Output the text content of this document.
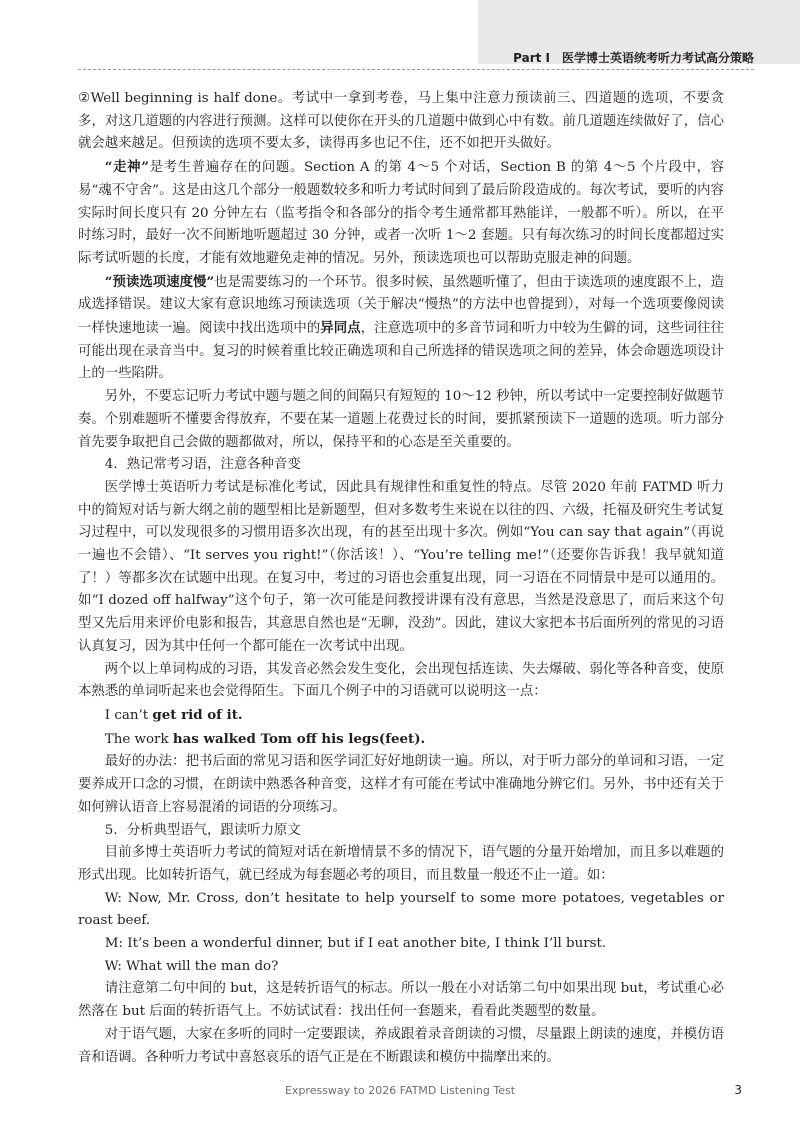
Part Ⅰ　医学博士英语统考听力考试高分策略

②Well beginning is half done。考试中一拿到考卷，马上集中注意力预读前三、四道题的选项，不要贪多，对这几道题的内容进行预测。这样可以使你在开头的几道题中做到心中有数。前几道题连续做好了，信心就会越来越足。但预读的选项不要太多，读得再多也记不住，还不如把开头做好。

“走神”是考生普遍存在的问题。Section A 的第 4～5 个对话，Section B 的第 4～5 个片段中，容易“魂不守舍”。这是由这几个部分一般题数较多和听力考试时间到了最后阶段造成的。每次考试，要听的内容实际时间长度只有 20 分钟左右（监考指令和各部分的指令考生通常都耳熟能详，一般都不听）。所以，在平时练习时，最好一次不间断地听题超过 30 分钟，或者一次听 1～2 套题。只有每次练习的时间长度都超过实际考试听题的长度，才能有效地避免走神的情况。另外，预读选项也可以帮助克服走神的问题。

“预读选项速度慢”也是需要练习的一个环节。很多时候，虽然题听懂了，但由于读选项的速度跟不上，造成选择错误。建议大家有意识地练习预读选项（关于解决“慢热”的方法中也曾提到），对每一个选项要像阅读一样快速地读一遍。阅读中找出选项中的异同点，注意选项中的多音节词和听力中较为生僻的词，这些词往往可能出现在录音当中。复习的时候着重比较正确选项和自己所选择的错误选项之间的差异，体会命题选项设计上的一些陷阱。

另外，不要忘记听力考试中题与题之间的间隔只有短短的 10～12 秒钟，所以考试中一定要控制好做题节奏。个别难题听不懂要舍得放弃，不要在某一道题上花费过长的时间，要抓紧预读下一道题的选项。听力部分首先要争取把自己会做的题都做对，所以，保持平和的心态是至关重要的。

4．熟记常考习语，注意各种音变

医学博士英语听力考试是标准化考试，因此具有规律性和重复性的特点。尽管 2020 年前 FATMD 听力中的简短对话与新大纲之前的题型相比是新题型，但对多数考生来说在以往的四、六级，托福及研究生考试复习过程中，可以发现很多的习惯用语多次出现，有的甚至出现十多次。例如“You can say that again”（再说一遍也不会错）、“It serves you right!”（你活该！）、“You’re telling me!”（还要你告诉我！我早就知道了！）等都多次在试题中出现。在复习中，考过的习语也会重复出现，同一习语在不同情景中是可以通用的。如“I dozed off halfway”这个句子，第一次可能是问教授讲课有没有意思，当然是没意思了，而后来这个句型又先后用来评价电影和报告，其意思自然也是“无聊，没劲”。因此，建议大家把本书后面所列的常见的习语认真复习，因为其中任何一个都可能在一次考试中出现。

两个以上单词构成的习语，其发音必然会发生变化，会出现包括连读、失去爆破、弱化等各种音变，使原本熟悉的单词听起来也会觉得陌生。下面几个例子中的习语就可以说明这一点：

I can’t get rid of it.

The work has walked Tom off his legs(feet).

最好的办法：把书后面的常见习语和医学词汇好好地朗读一遍。所以，对于听力部分的单词和习语，一定要养成开口念的习惯，在朗读中熟悉各种音变，这样才有可能在考试中准确地分辨它们。另外，书中还有关于如何辨认语音上容易混淆的词语的分项练习。

5．分析典型语气，跟读听力原文

目前多博士英语听力考试的简短对话在新增情景不多的情况下，语气题的分量开始增加，而且多以难题的形式出现。比如转折语气，就已经成为每套题必考的项目，而且数量一般还不止一道。如：

W: Now, Mr. Cross, don’t hesitate to help yourself to some more potatoes, vegetables or roast beef.

M: It’s been a wonderful dinner, but if I eat another bite, I think I’ll burst.

W: What will the man do?

请注意第二句中间的 but，这是转折语气的标志。所以一般在小对话第二句中如果出现 but，考试重心必然落在 but 后面的转折语气上。不妨试试看：找出任何一套题来，看看此类题型的数量。

对于语气题，大家在多听的同时一定要跟读，养成跟着录音朗读的习惯，尽量跟上朗读的速度，并模仿语音和语调。各种听力考试中喜怒哀乐的语气正是在不断跟读和模仿中揣摩出来的。

Expressway to 2026 FATMD Listening Test	3
